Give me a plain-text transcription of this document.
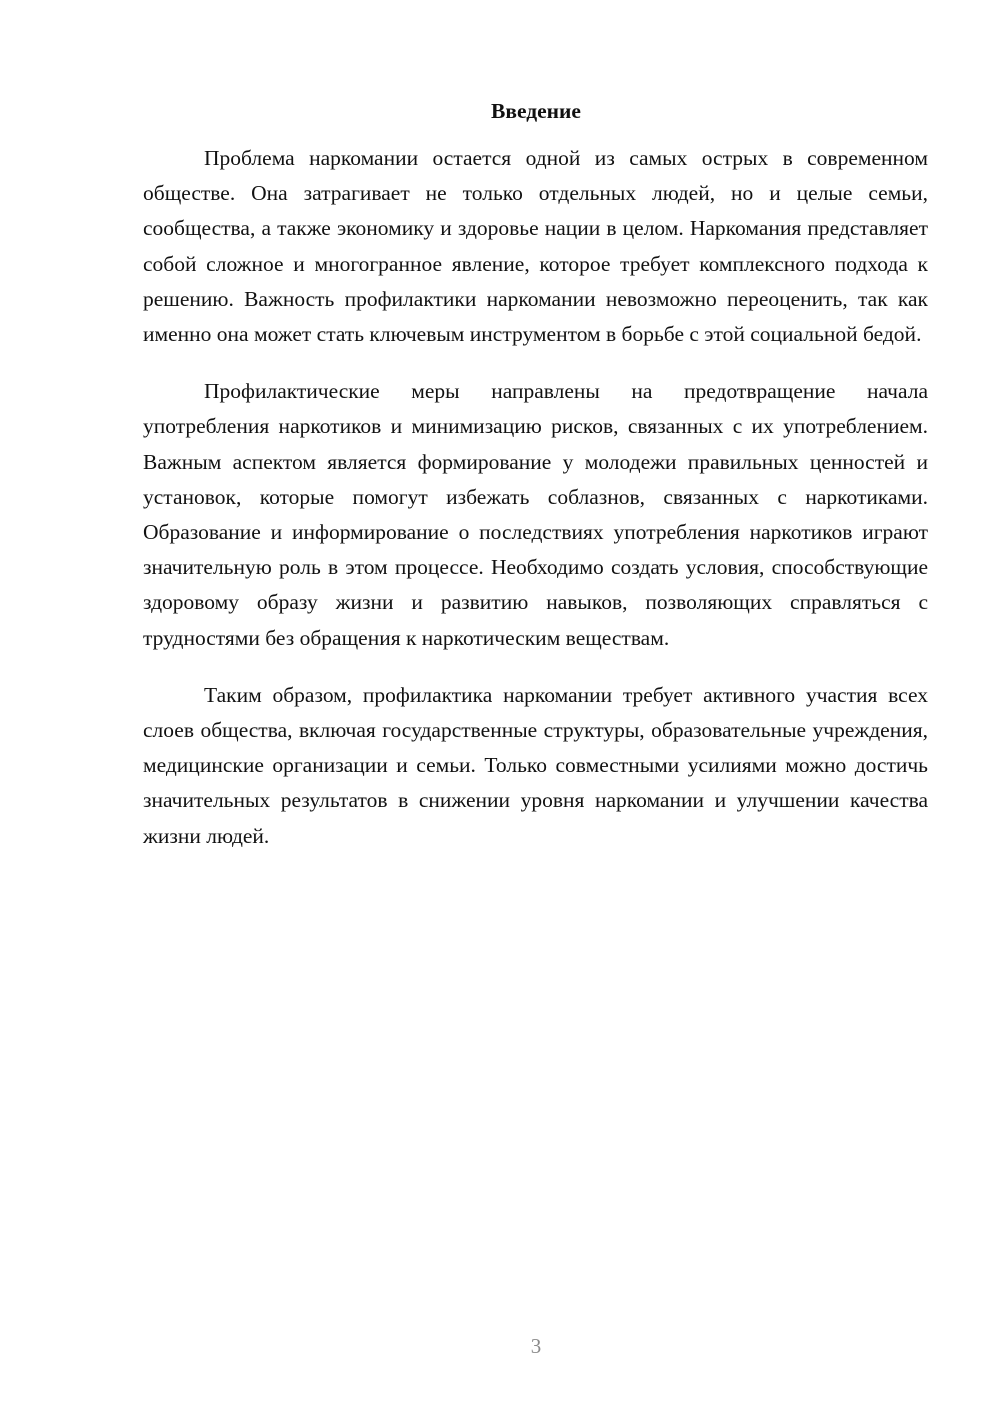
Введение

Проблема наркомании остается одной из самых острых в современном обществе. Она затрагивает не только отдельных людей, но и целые семьи, сообщества, а также экономику и здоровье нации в целом. Наркомания представляет собой сложное и многогранное явление, которое требует комплексного подхода к решению. Важность профилактики наркомании невозможно переоценить, так как именно она может стать ключевым инструментом в борьбе с этой социальной бедой.

Профилактические меры направлены на предотвращение начала употребления наркотиков и минимизацию рисков, связанных с их употреблением. Важным аспектом является формирование у молодежи правильных ценностей и установок, которые помогут избежать соблазнов, связанных с наркотиками. Образование и информирование о последствиях употребления наркотиков играют значительную роль в этом процессе. Необходимо создать условия, способствующие здоровому образу жизни и развитию навыков, позволяющих справляться с трудностями без обращения к наркотическим веществам.

Таким образом, профилактика наркомании требует активного участия всех слоев общества, включая государственные структуры, образовательные учреждения, медицинские организации и семьи. Только совместными усилиями можно достичь значительных результатов в снижении уровня наркомании и улучшении качества жизни людей.

3
